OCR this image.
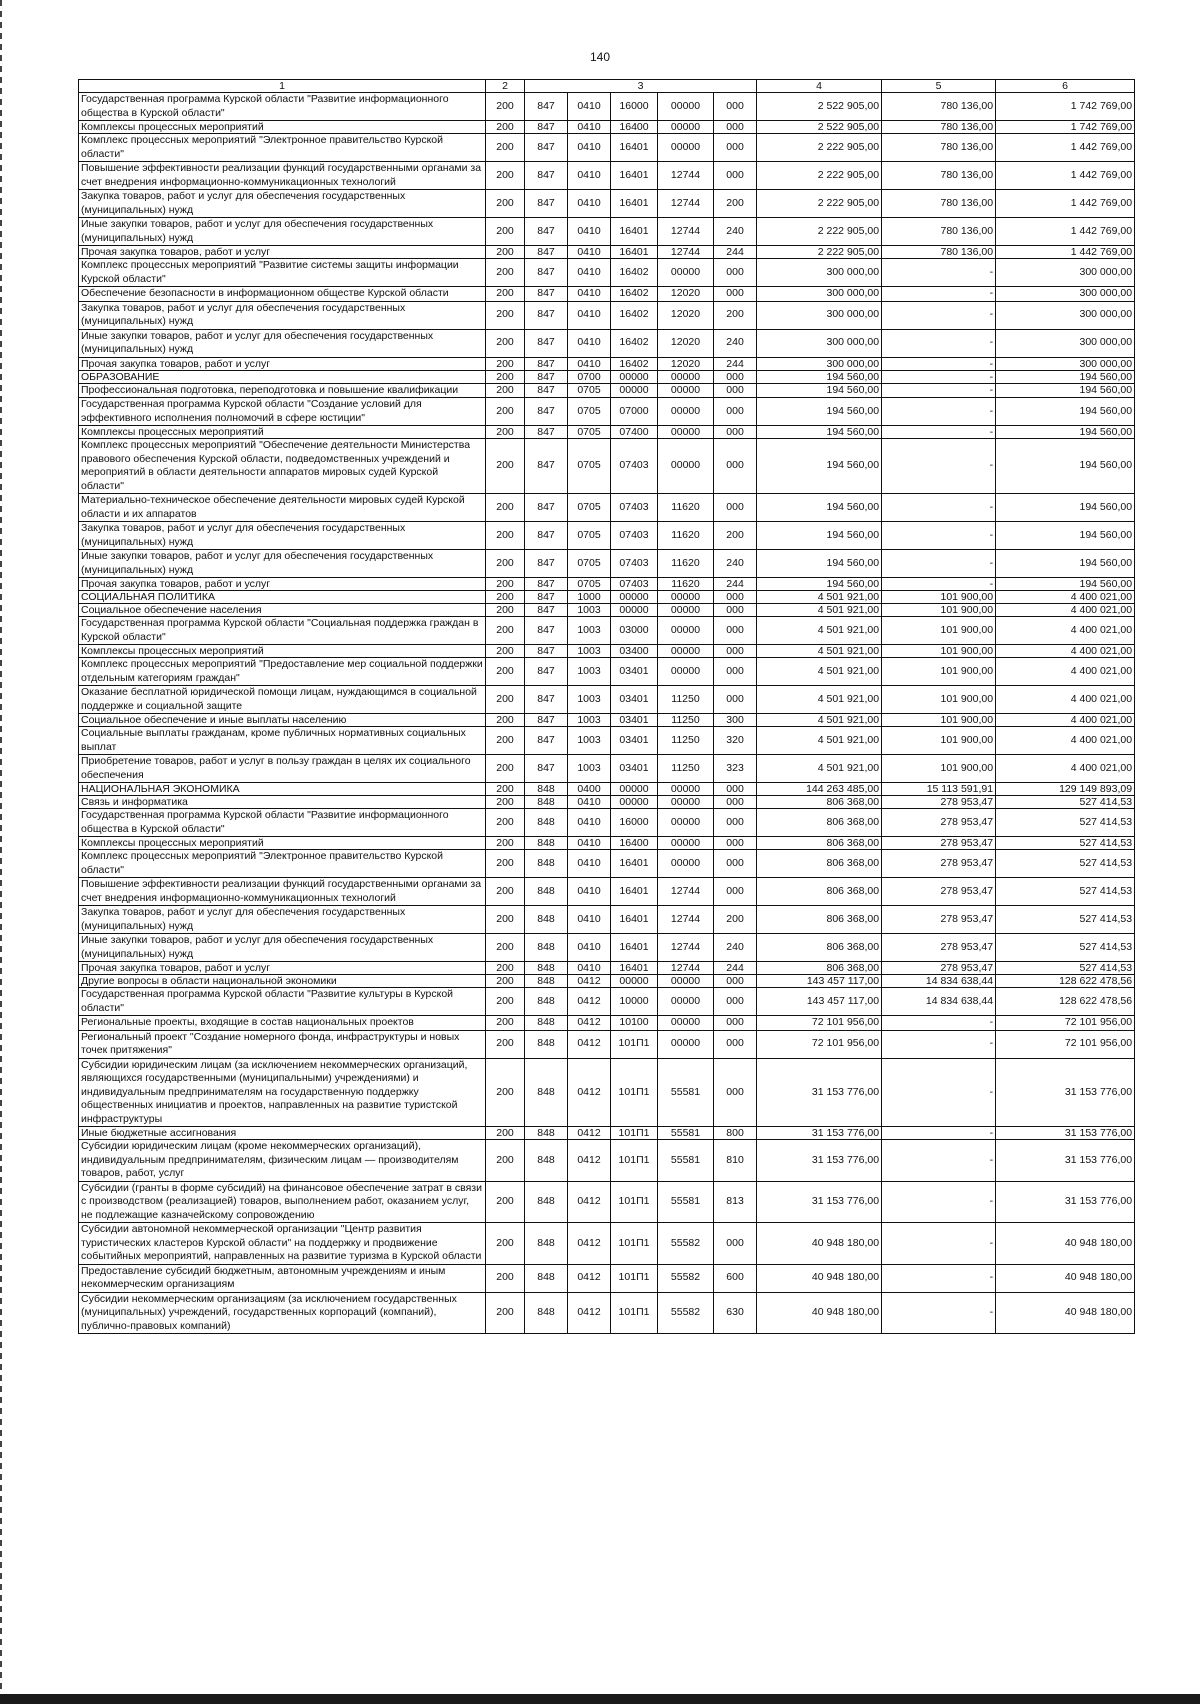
140
1	2	3					4	5	6
Государственная программа Курской области "Развитие информационного общества в Курской области"	200	847	0410	16000	00000	000	2 522 905,00	780 136,00	1 742 769,00
Комплексы процессных мероприятий	200	847	0410	16400	00000	000	2 522 905,00	780 136,00	1 742 769,00
Комплекс процессных мероприятий "Электронное правительство Курской области"	200	847	0410	16401	00000	000	2 222 905,00	780 136,00	1 442 769,00
Повышение эффективности реализации функций государственными органами за счет внедрения информационно-коммуникационных технологий	200	847	0410	16401	12744	000	2 222 905,00	780 136,00	1 442 769,00
Закупка товаров, работ и услуг для обеспечения государственных (муниципальных) нужд	200	847	0410	16401	12744	200	2 222 905,00	780 136,00	1 442 769,00
Иные закупки товаров, работ и услуг для обеспечения государственных (муниципальных) нужд	200	847	0410	16401	12744	240	2 222 905,00	780 136,00	1 442 769,00
Прочая закупка товаров, работ и услуг	200	847	0410	16401	12744	244	2 222 905,00	780 136,00	1 442 769,00
Комплекс процессных мероприятий "Развитие системы защиты информации Курской области"	200	847	0410	16402	00000	000	300 000,00	-	300 000,00
Обеспечение безопасности в информационном обществе Курской области	200	847	0410	16402	12020	000	300 000,00	-	300 000,00
Закупка товаров, работ и услуг для обеспечения государственных (муниципальных) нужд	200	847	0410	16402	12020	200	300 000,00	-	300 000,00
Иные закупки товаров, работ и услуг для обеспечения государственных (муниципальных) нужд	200	847	0410	16402	12020	240	300 000,00	-	300 000,00
Прочая закупка товаров, работ и услуг	200	847	0410	16402	12020	244	300 000,00	-	300 000,00
ОБРАЗОВАНИЕ	200	847	0700	00000	00000	000	194 560,00	-	194 560,00
Профессиональная подготовка, переподготовка и повышение квалификации	200	847	0705	00000	00000	000	194 560,00	-	194 560,00
Государственная программа Курской области "Создание условий для эффективного исполнения полномочий в сфере юстиции"	200	847	0705	07000	00000	000	194 560,00	-	194 560,00
Комплексы процессных мероприятий	200	847	0705	07400	00000	000	194 560,00	-	194 560,00
Комплекс процессных мероприятий "Обеспечение деятельности Министерства правового обеспечения Курской области, подведомственных учреждений и мероприятий в области деятельности аппаратов мировых судей Курской области"	200	847	0705	07403	00000	000	194 560,00	-	194 560,00
Материально-техническое обеспечение деятельности мировых судей Курской области и их аппаратов	200	847	0705	07403	11620	000	194 560,00	-	194 560,00
Закупка товаров, работ и услуг для обеспечения государственных (муниципальных) нужд	200	847	0705	07403	11620	200	194 560,00	-	194 560,00
Иные закупки товаров, работ и услуг для обеспечения государственных (муниципальных) нужд	200	847	0705	07403	11620	240	194 560,00	-	194 560,00
Прочая закупка товаров, работ и услуг	200	847	0705	07403	11620	244	194 560,00	-	194 560,00
СОЦИАЛЬНАЯ ПОЛИТИКА	200	847	1000	00000	00000	000	4 501 921,00	101 900,00	4 400 021,00
Социальное обеспечение населения	200	847	1003	00000	00000	000	4 501 921,00	101 900,00	4 400 021,00
Государственная программа Курской области "Социальная поддержка граждан в Курской области"	200	847	1003	03000	00000	000	4 501 921,00	101 900,00	4 400 021,00
Комплексы процессных мероприятий	200	847	1003	03400	00000	000	4 501 921,00	101 900,00	4 400 021,00
Комплекс процессных мероприятий "Предоставление мер социальной поддержки отдельным категориям граждан"	200	847	1003	03401	00000	000	4 501 921,00	101 900,00	4 400 021,00
Оказание бесплатной юридической помощи лицам, нуждающимся в социальной поддержке и социальной защите	200	847	1003	03401	11250	000	4 501 921,00	101 900,00	4 400 021,00
Социальное обеспечение и иные выплаты населению	200	847	1003	03401	11250	300	4 501 921,00	101 900,00	4 400 021,00
Социальные выплаты гражданам, кроме публичных нормативных социальных выплат	200	847	1003	03401	11250	320	4 501 921,00	101 900,00	4 400 021,00
Приобретение товаров, работ и услуг в пользу граждан в целях их социального обеспечения	200	847	1003	03401	11250	323	4 501 921,00	101 900,00	4 400 021,00
НАЦИОНАЛЬНАЯ ЭКОНОМИКА	200	848	0400	00000	00000	000	144 263 485,00	15 113 591,91	129 149 893,09
Связь и информатика	200	848	0410	00000	00000	000	806 368,00	278 953,47	527 414,53
Государственная программа Курской области "Развитие информационного общества в Курской области"	200	848	0410	16000	00000	000	806 368,00	278 953,47	527 414,53
Комплексы процессных мероприятий	200	848	0410	16400	00000	000	806 368,00	278 953,47	527 414,53
Комплекс процессных мероприятий "Электронное правительство Курской области"	200	848	0410	16401	00000	000	806 368,00	278 953,47	527 414,53
Повышение эффективности реализации функций государственными органами за счет внедрения информационно-коммуникационных технологий	200	848	0410	16401	12744	000	806 368,00	278 953,47	527 414,53
Закупка товаров, работ и услуг для обеспечения государственных (муниципальных) нужд	200	848	0410	16401	12744	200	806 368,00	278 953,47	527 414,53
Иные закупки товаров, работ и услуг для обеспечения государственных (муниципальных) нужд	200	848	0410	16401	12744	240	806 368,00	278 953,47	527 414,53
Прочая закупка товаров, работ и услуг	200	848	0410	16401	12744	244	806 368,00	278 953,47	527 414,53
Другие вопросы в области национальной экономики	200	848	0412	00000	00000	000	143 457 117,00	14 834 638,44	128 622 478,56
Государственная программа Курской области "Развитие культуры в Курской области"	200	848	0412	10000	00000	000	143 457 117,00	14 834 638,44	128 622 478,56
Региональные проекты, входящие в состав национальных проектов	200	848	0412	10100	00000	000	72 101 956,00	-	72 101 956,00
Региональный проект "Создание номерного фонда, инфраструктуры и новых точек притяжения"	200	848	0412	101П1	00000	000	72 101 956,00	-	72 101 956,00
Субсидии юридическим лицам (за исключением некоммерческих организаций, являющихся государственными (муниципальными) учреждениями) и индивидуальным предпринимателям на государственную поддержку общественных инициатив и проектов, направленных на развитие туристской инфраструктуры	200	848	0412	101П1	55581	000	31 153 776,00	-	31 153 776,00
Иные бюджетные ассигнования	200	848	0412	101П1	55581	800	31 153 776,00	-	31 153 776,00
Субсидии юридическим лицам (кроме некоммерческих организаций), индивидуальным предпринимателям, физическим лицам — производителям товаров, работ, услуг	200	848	0412	101П1	55581	810	31 153 776,00	-	31 153 776,00
Субсидии (гранты в форме субсидий) на финансовое обеспечение затрат в связи с производством (реализацией) товаров, выполнением работ, оказанием услуг, не подлежащие казначейскому сопровождению	200	848	0412	101П1	55581	813	31 153 776,00	-	31 153 776,00
Субсидии автономной некоммерческой организации "Центр развития туристических кластеров Курской области" на поддержку и продвижение событийных мероприятий, направленных на развитие туризма в Курской области	200	848	0412	101П1	55582	000	40 948 180,00	-	40 948 180,00
Предоставление субсидий бюджетным, автономным учреждениям и иным некоммерческим организациям	200	848	0412	101П1	55582	600	40 948 180,00	-	40 948 180,00
Субсидии некоммерческим организациям (за исключением государственных (муниципальных) учреждений, государственных корпораций (компаний), публично-правовых компаний)	200	848	0412	101П1	55582	630	40 948 180,00	-	40 948 180,00
